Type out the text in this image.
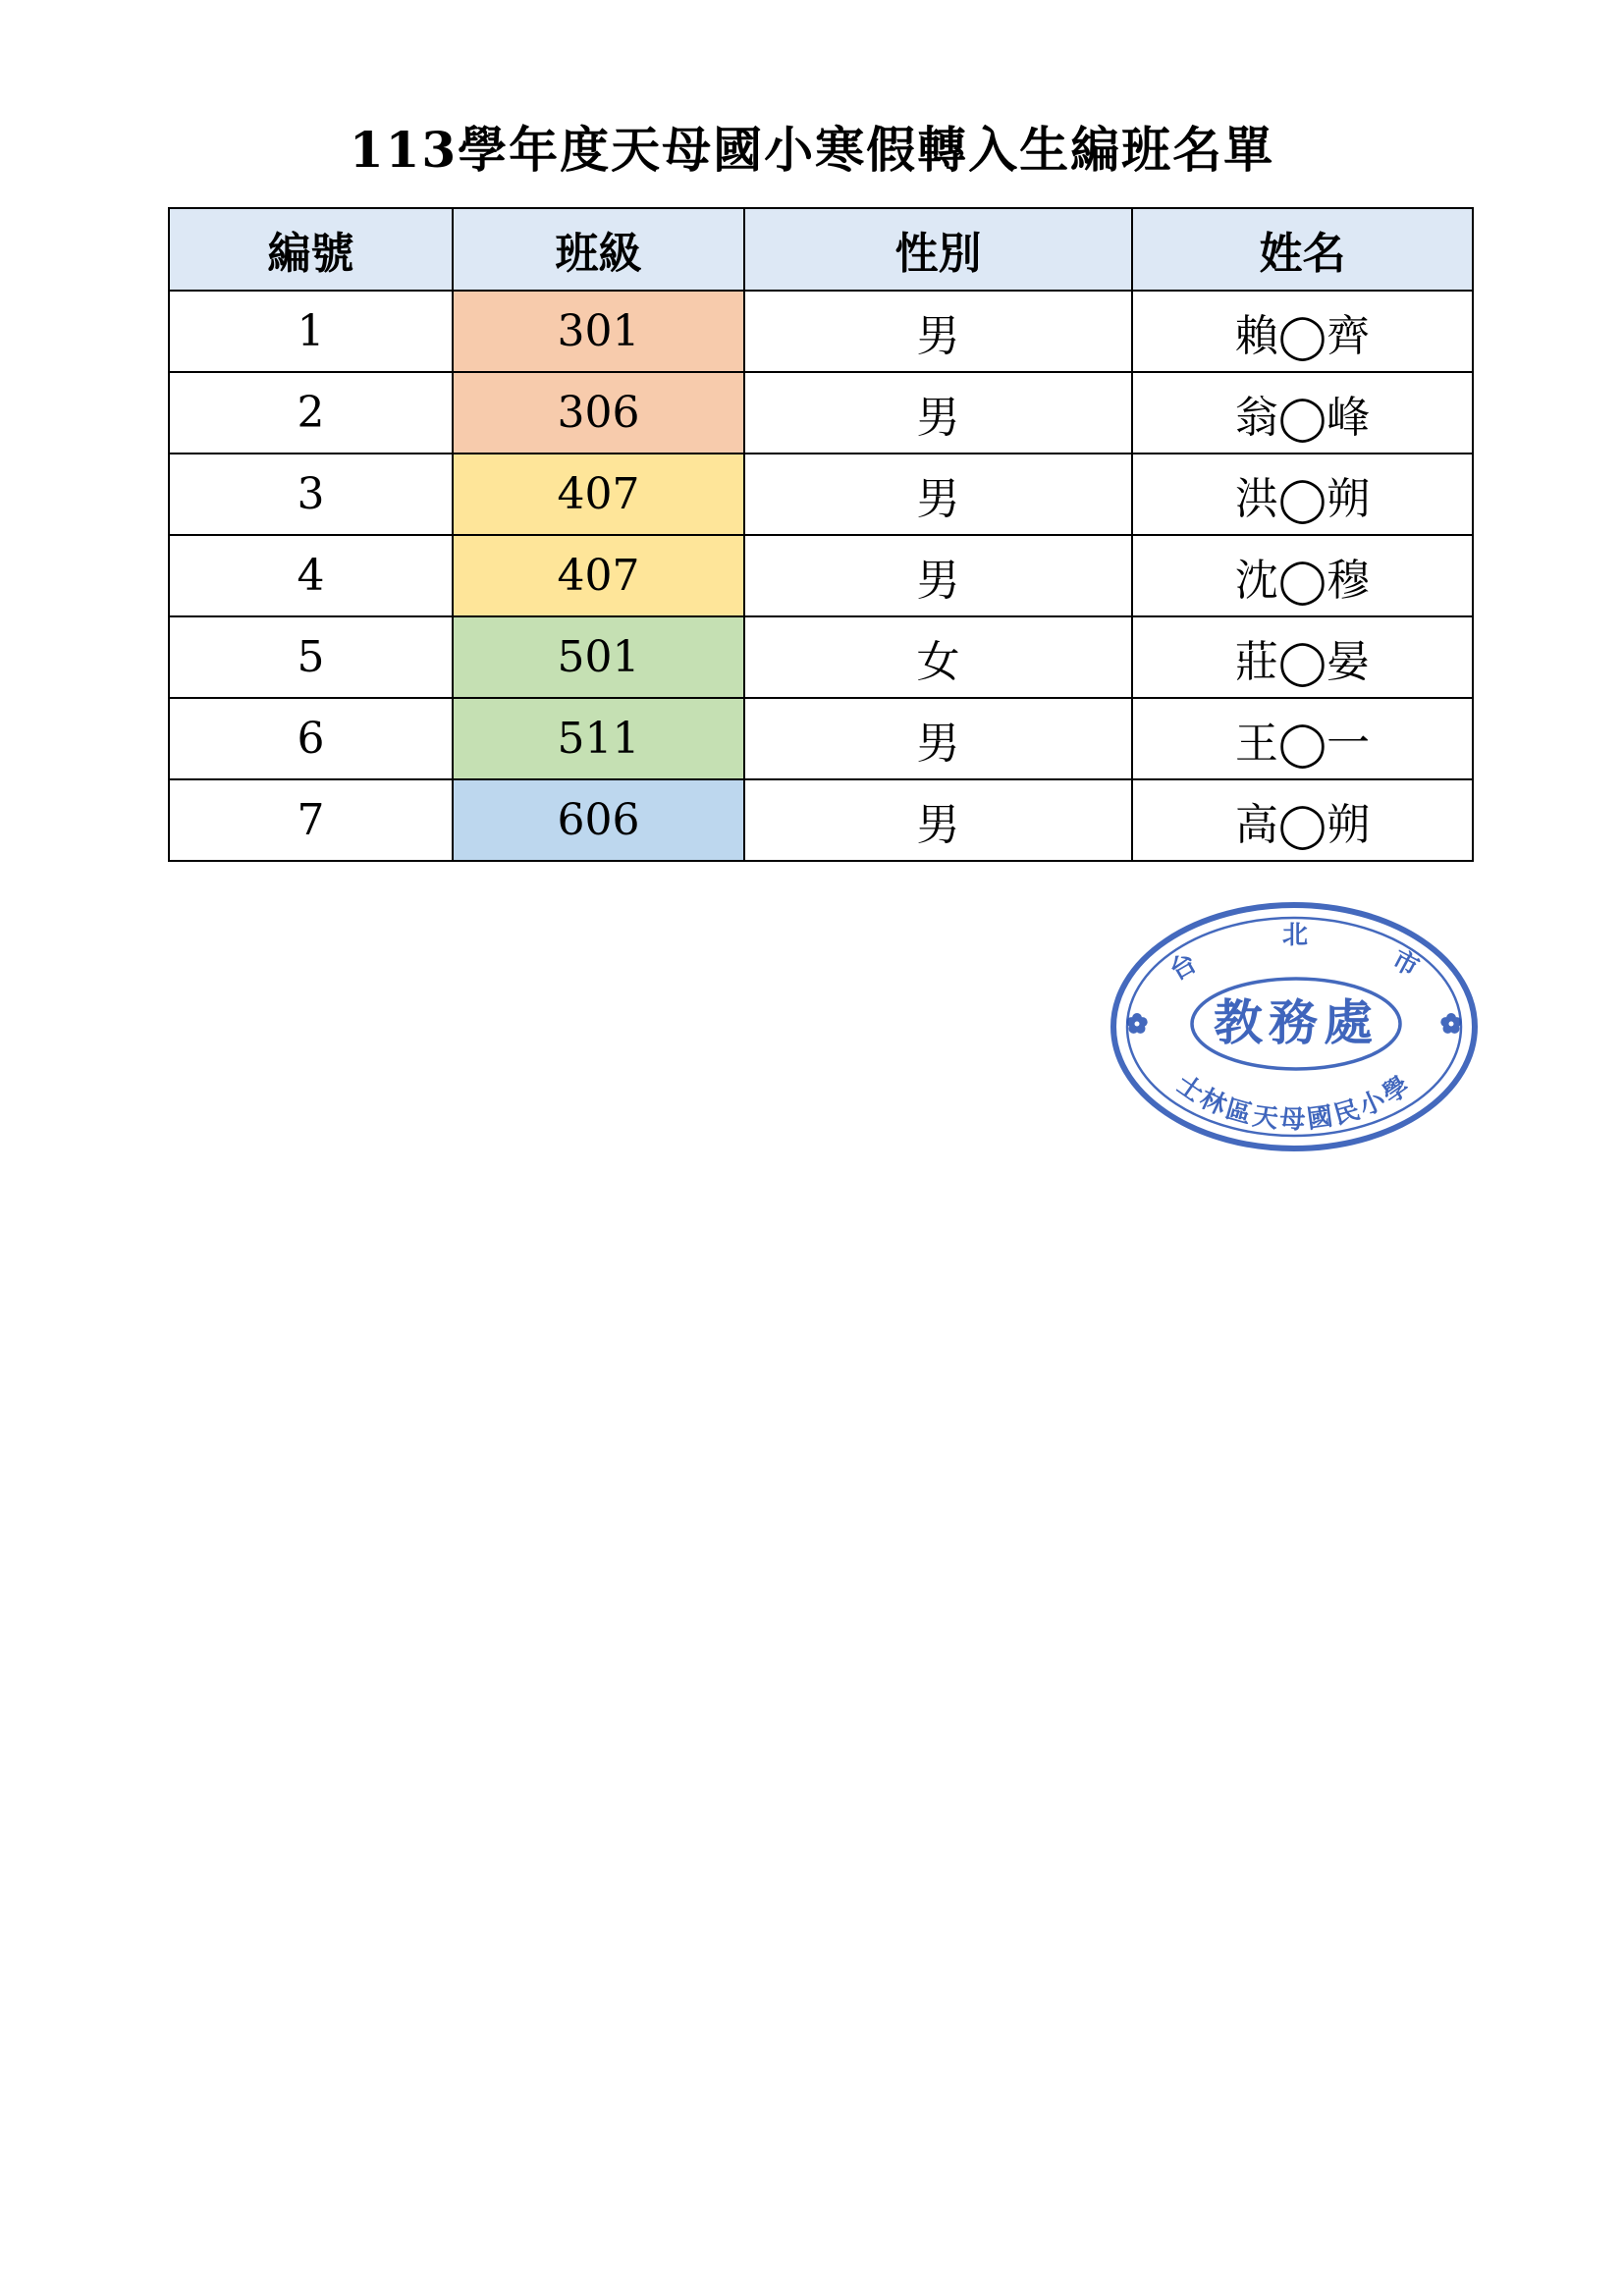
113學年度天母國小寒假轉入生編班名單
編號	班級	性別	姓名
1	301	男	賴◯齊
2	306	男	翁◯峰
3	407	男	洪◯朔
4	407	男	沈◯穆
5	501	女	莊◯晏
6	511	男	王◯一
7	606	男	高◯朔
台
北
市
教務處
士林區天母國民小學
